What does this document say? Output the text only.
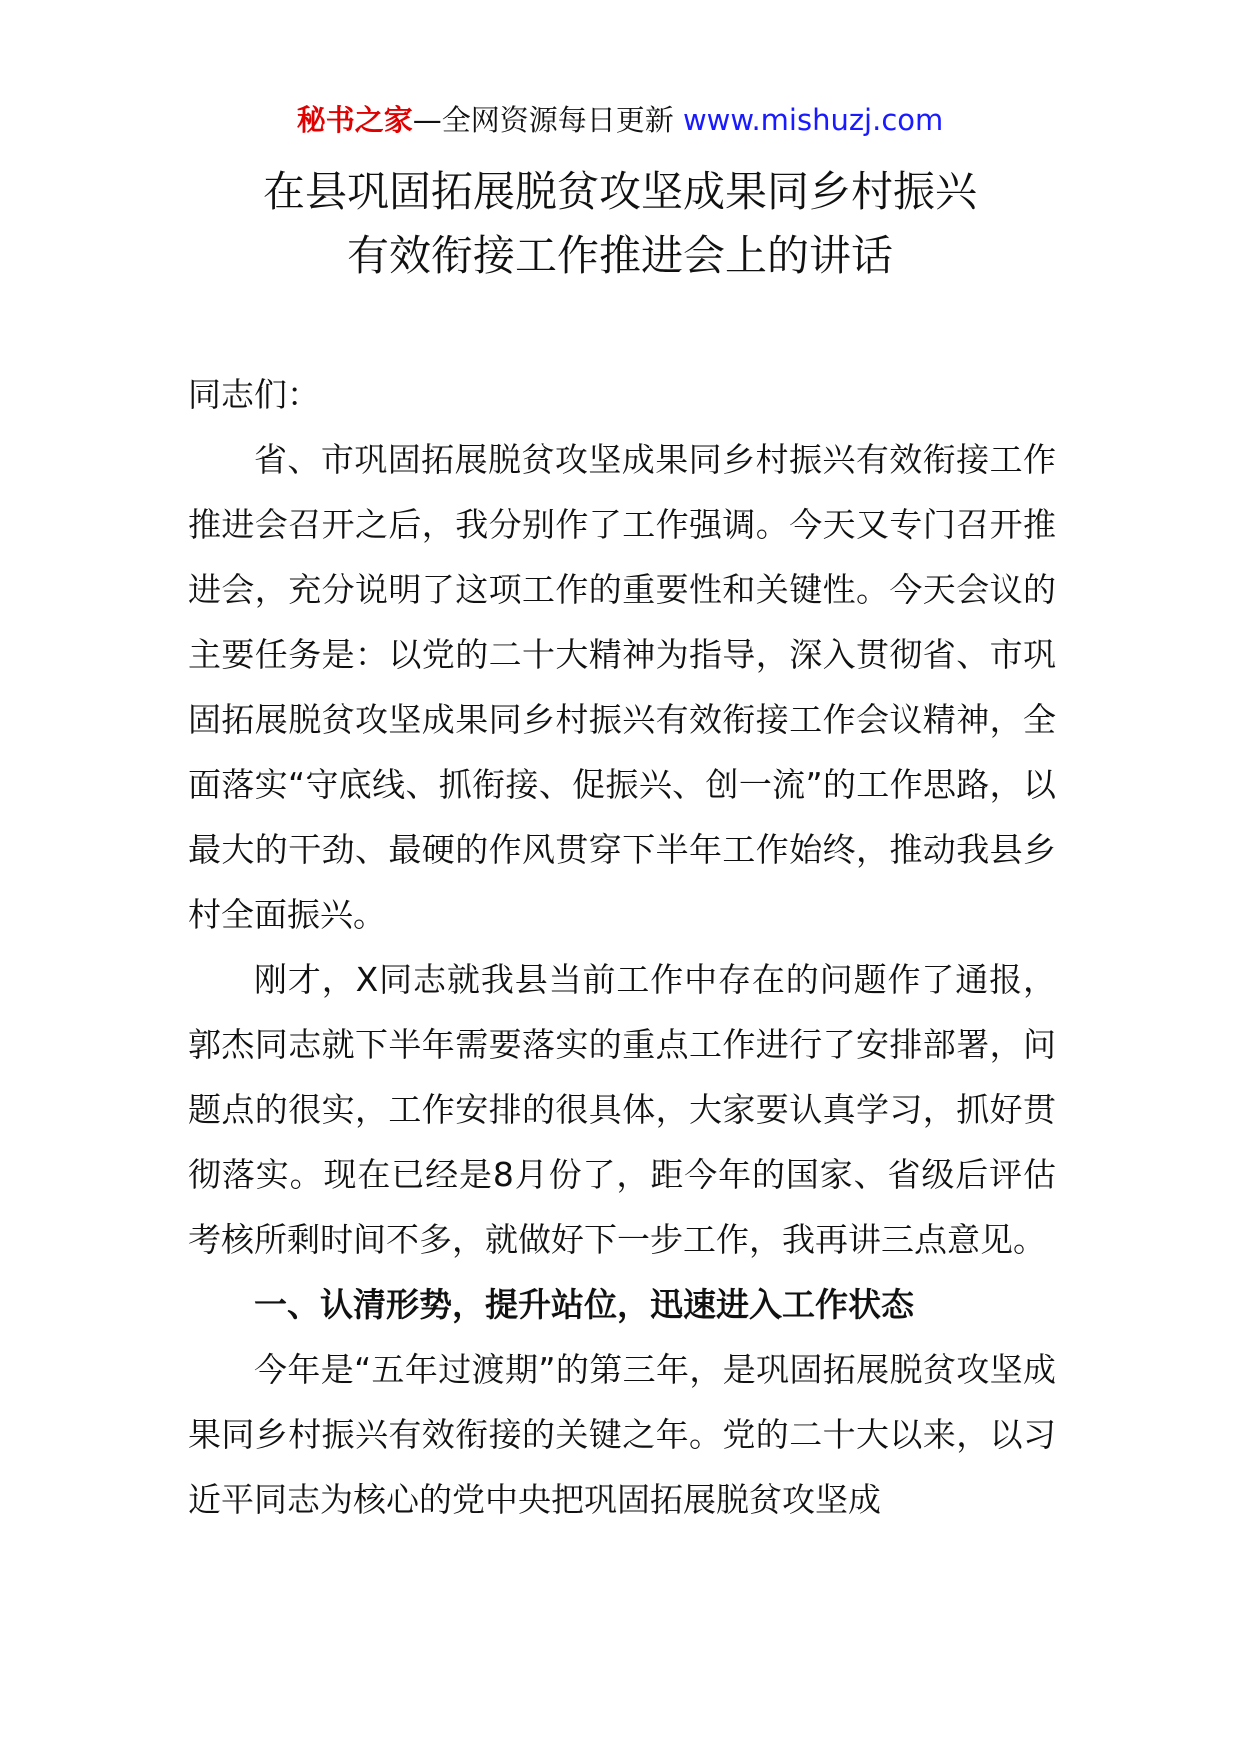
秘书之家—全网资源每日更新 www.mishuzj.com
在县巩固拓展脱贫攻坚成果同乡村振兴
有效衔接工作推进会上的讲话

同志们：

省、市巩固拓展脱贫攻坚成果同乡村振兴有效衔接工作推进会召开之后，我分别作了工作强调。今天又专门召开推进会，充分说明了这项工作的重要性和关键性。今天会议的主要任务是：以党的二十大精神为指导，深入贯彻省、市巩固拓展脱贫攻坚成果同乡村振兴有效衔接工作会议精神，全面落实“守底线、抓衔接、促振兴、创一流”的工作思路，以最大的干劲、最硬的作风贯穿下半年工作始终，推动我县乡村全面振兴。

刚才，X同志就我县当前工作中存在的问题作了通报，郭杰同志就下半年需要落实的重点工作进行了安排部署，问题点的很实，工作安排的很具体，大家要认真学习，抓好贯彻落实。现在已经是8月份了，距今年的国家、省级后评估考核所剩时间不多，就做好下一步工作，我再讲三点意见。

一、认清形势，提升站位，迅速进入工作状态

今年是“五年过渡期”的第三年，是巩固拓展脱贫攻坚成果同乡村振兴有效衔接的关键之年。党的二十大以来，以习近平同志为核心的党中央把巩固拓展脱贫攻坚成
